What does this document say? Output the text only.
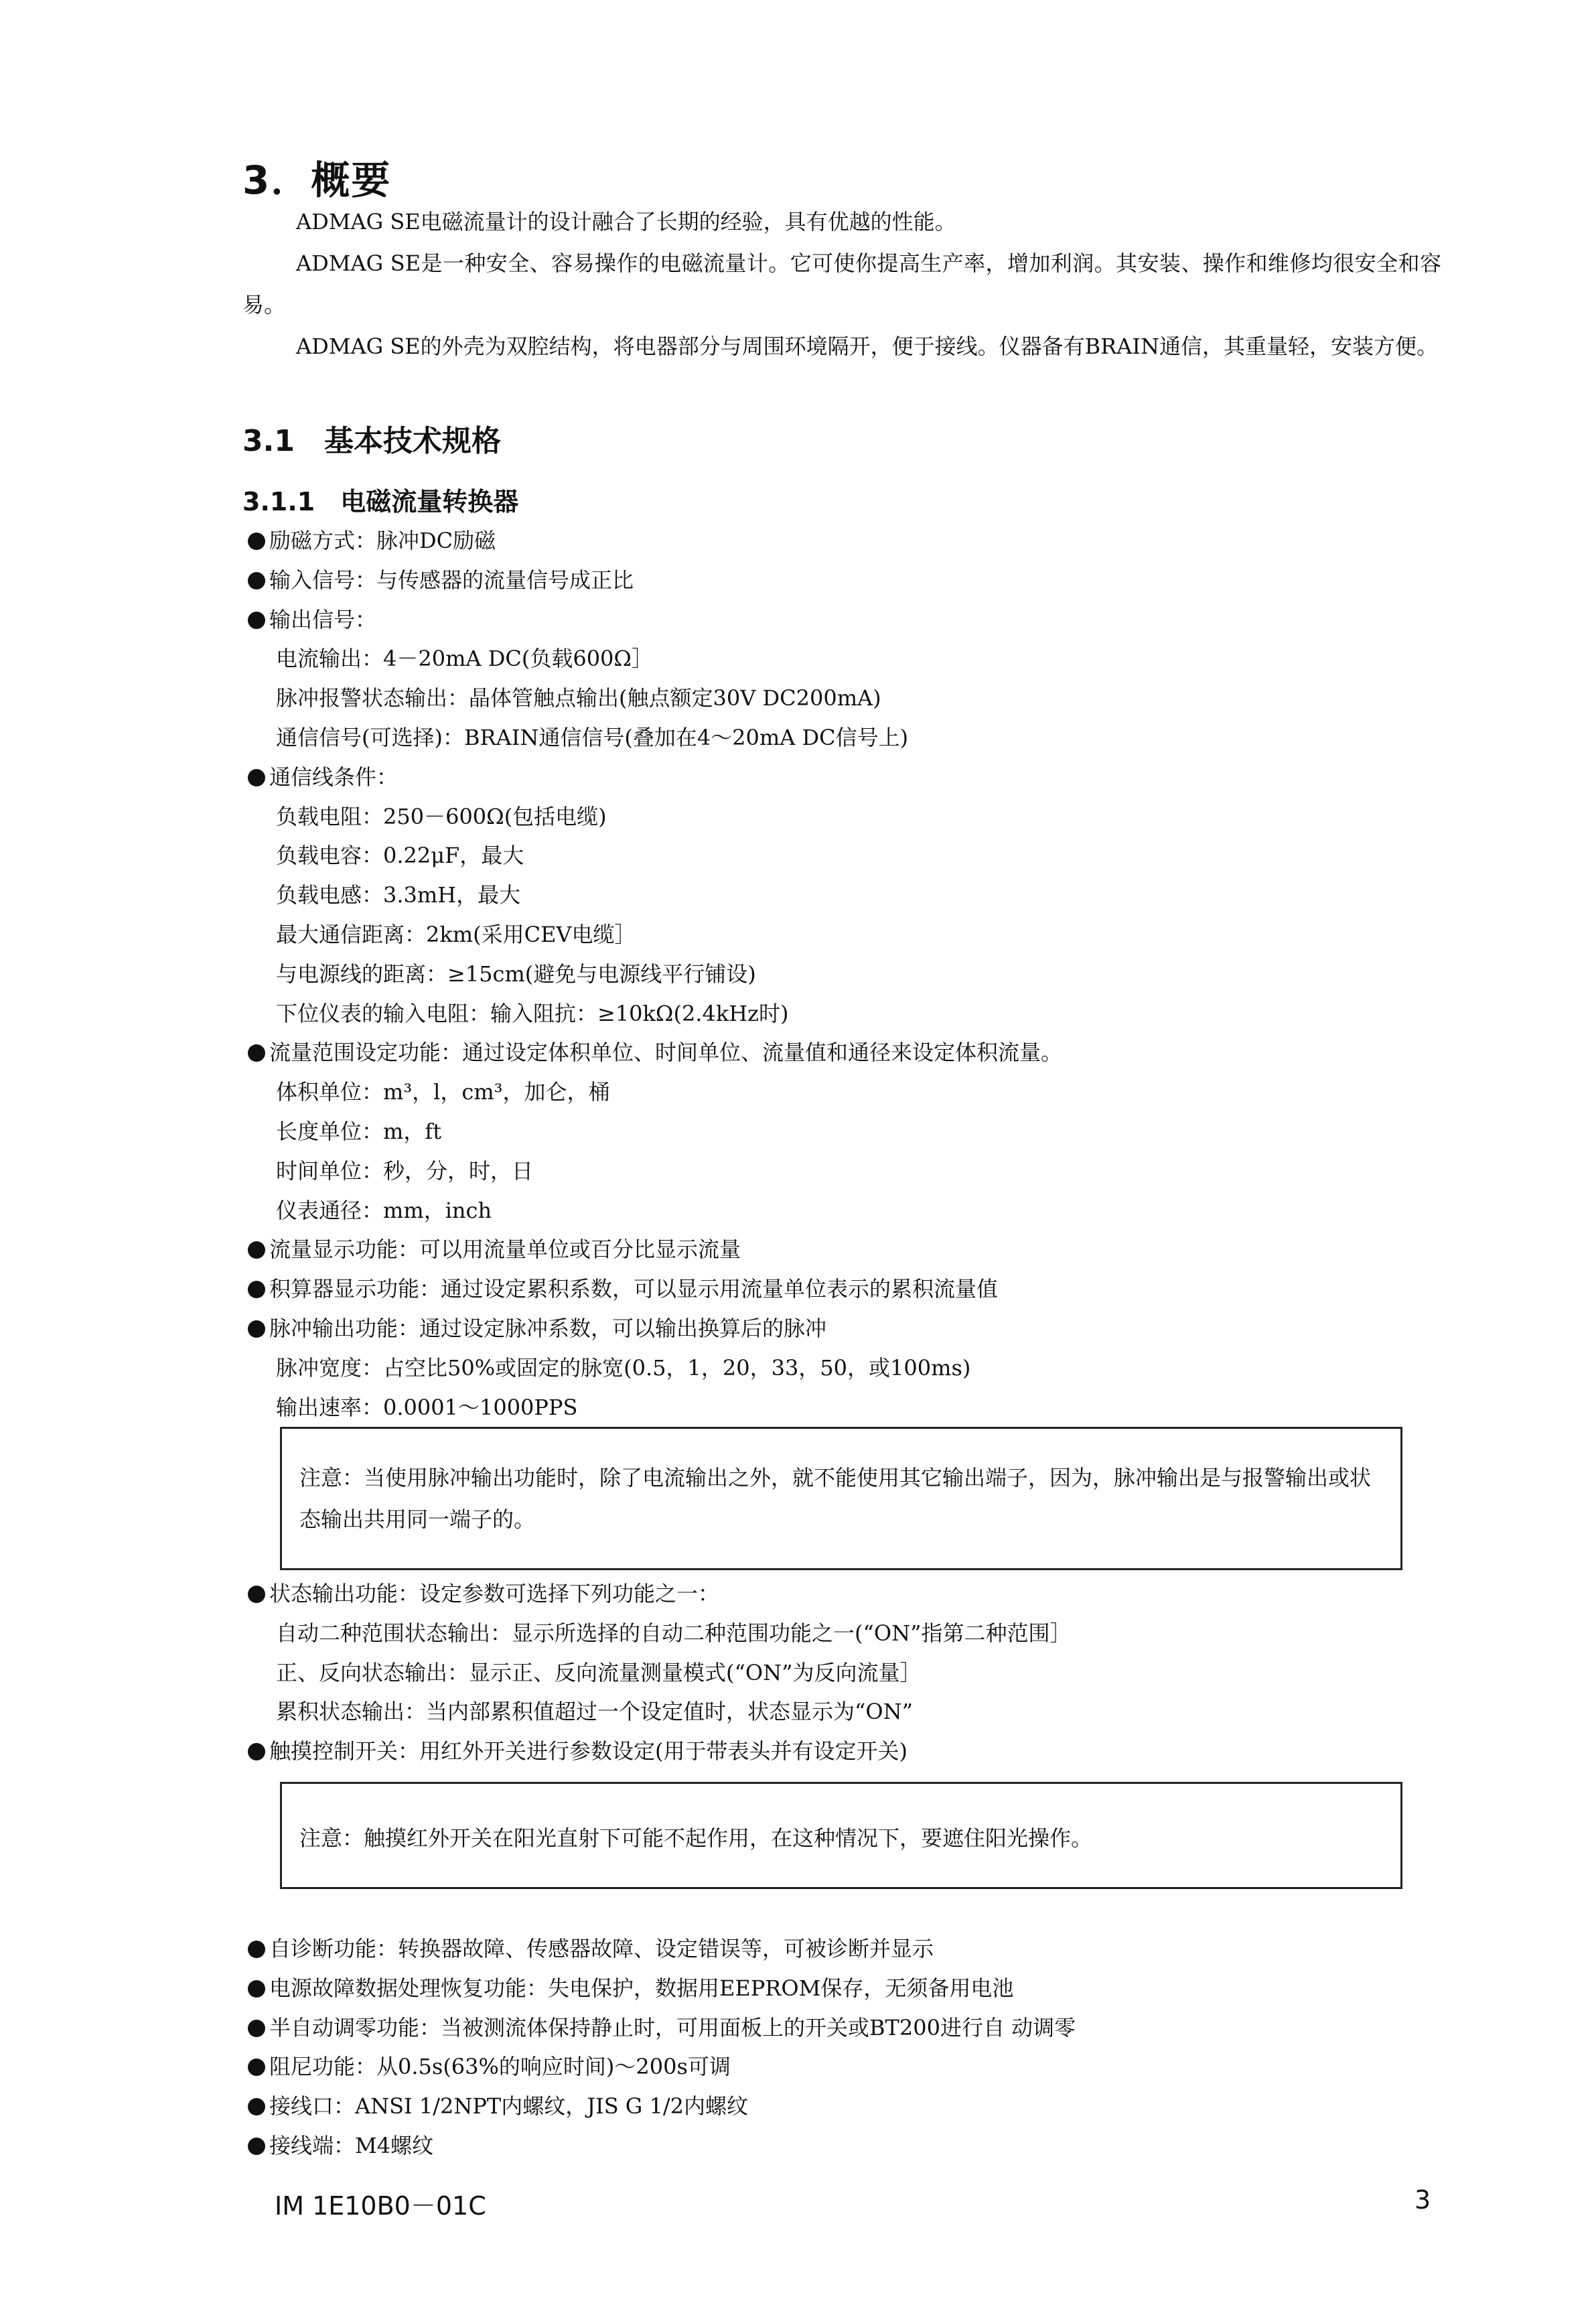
3．概要

ADMAG SE电磁流量计的设计融合了长期的经验，具有优越的性能。

ADMAG SE是一种安全、容易操作的电磁流量计。它可使你提高生产率，增加利润。其安装、操作和维修均很安全和容易。

ADMAG SE的外壳为双腔结构，将电器部分与周围环境隔开，便于接线。仪器备有BRAIN通信，其重量轻，安装方便。

3.1　基本技术规格
3.1.1　电磁流量转换器
励磁方式：脉冲DC励磁
输入信号：与传感器的流量信号成正比
输出信号：
电流输出：4－20mA DC(负载600Ω］
脉冲报警状态输出：晶体管触点输出(触点额定30V DC200mA)
通信信号(可选择)：BRAIN通信信号(叠加在4～20mA DC信号上)
通信线条件：
负载电阻：250－600Ω(包括电缆)
负载电容：0.22μF，最大
负载电感：3.3mH，最大
最大通信距离：2km(采用CEV电缆］
与电源线的距离：≥15cm(避免与电源线平行铺设)
下位仪表的输入电阻：输入阻抗：≥10kΩ(2.4kHz时)
流量范围设定功能：通过设定体积单位、时间单位、流量值和通径来设定体积流量。
体积单位：m³，l，cm³，加仑，桶
长度单位：m，ft
时间单位：秒，分，时，日
仪表通径：mm，inch
流量显示功能：可以用流量单位或百分比显示流量
积算器显示功能：通过设定累积系数，可以显示用流量单位表示的累积流量值
脉冲输出功能：通过设定脉冲系数，可以输出换算后的脉冲
脉冲宽度：占空比50%或固定的脉宽(0.5，1，20，33，50，或100ms)
输出速率：0.0001～1000PPS
注意：当使用脉冲输出功能时，除了电流输出之外，就不能使用其它输出端子，因为，脉冲输出是与报警输出或状态输出共用同一端子的。
状态输出功能：设定参数可选择下列功能之一：
自动二种范围状态输出：显示所选择的自动二种范围功能之一(“ON”指第二种范围］
正、反向状态输出：显示正、反向流量测量模式(“ON”为反向流量］
累积状态输出：当内部累积值超过一个设定值时，状态显示为“ON”
触摸控制开关：用红外开关进行参数设定(用于带表头并有设定开关)
注意：触摸红外开关在阳光直射下可能不起作用，在这种情况下，要遮住阳光操作。
自诊断功能：转换器故障、传感器故障、设定错误等，可被诊断并显示
电源故障数据处理恢复功能：失电保护，数据用EEPROM保存，无须备用电池
半自动调零功能：当被测流体保持静止时，可用面板上的开关或BT200进行自 动调零
阻尼功能：从0.5s(63%的响应时间)～200s可调
接线口：ANSI 1/2NPT内螺纹，JIS G 1/2内螺纹
接线端：M4螺纹
IM 1E10B0－01C	3
